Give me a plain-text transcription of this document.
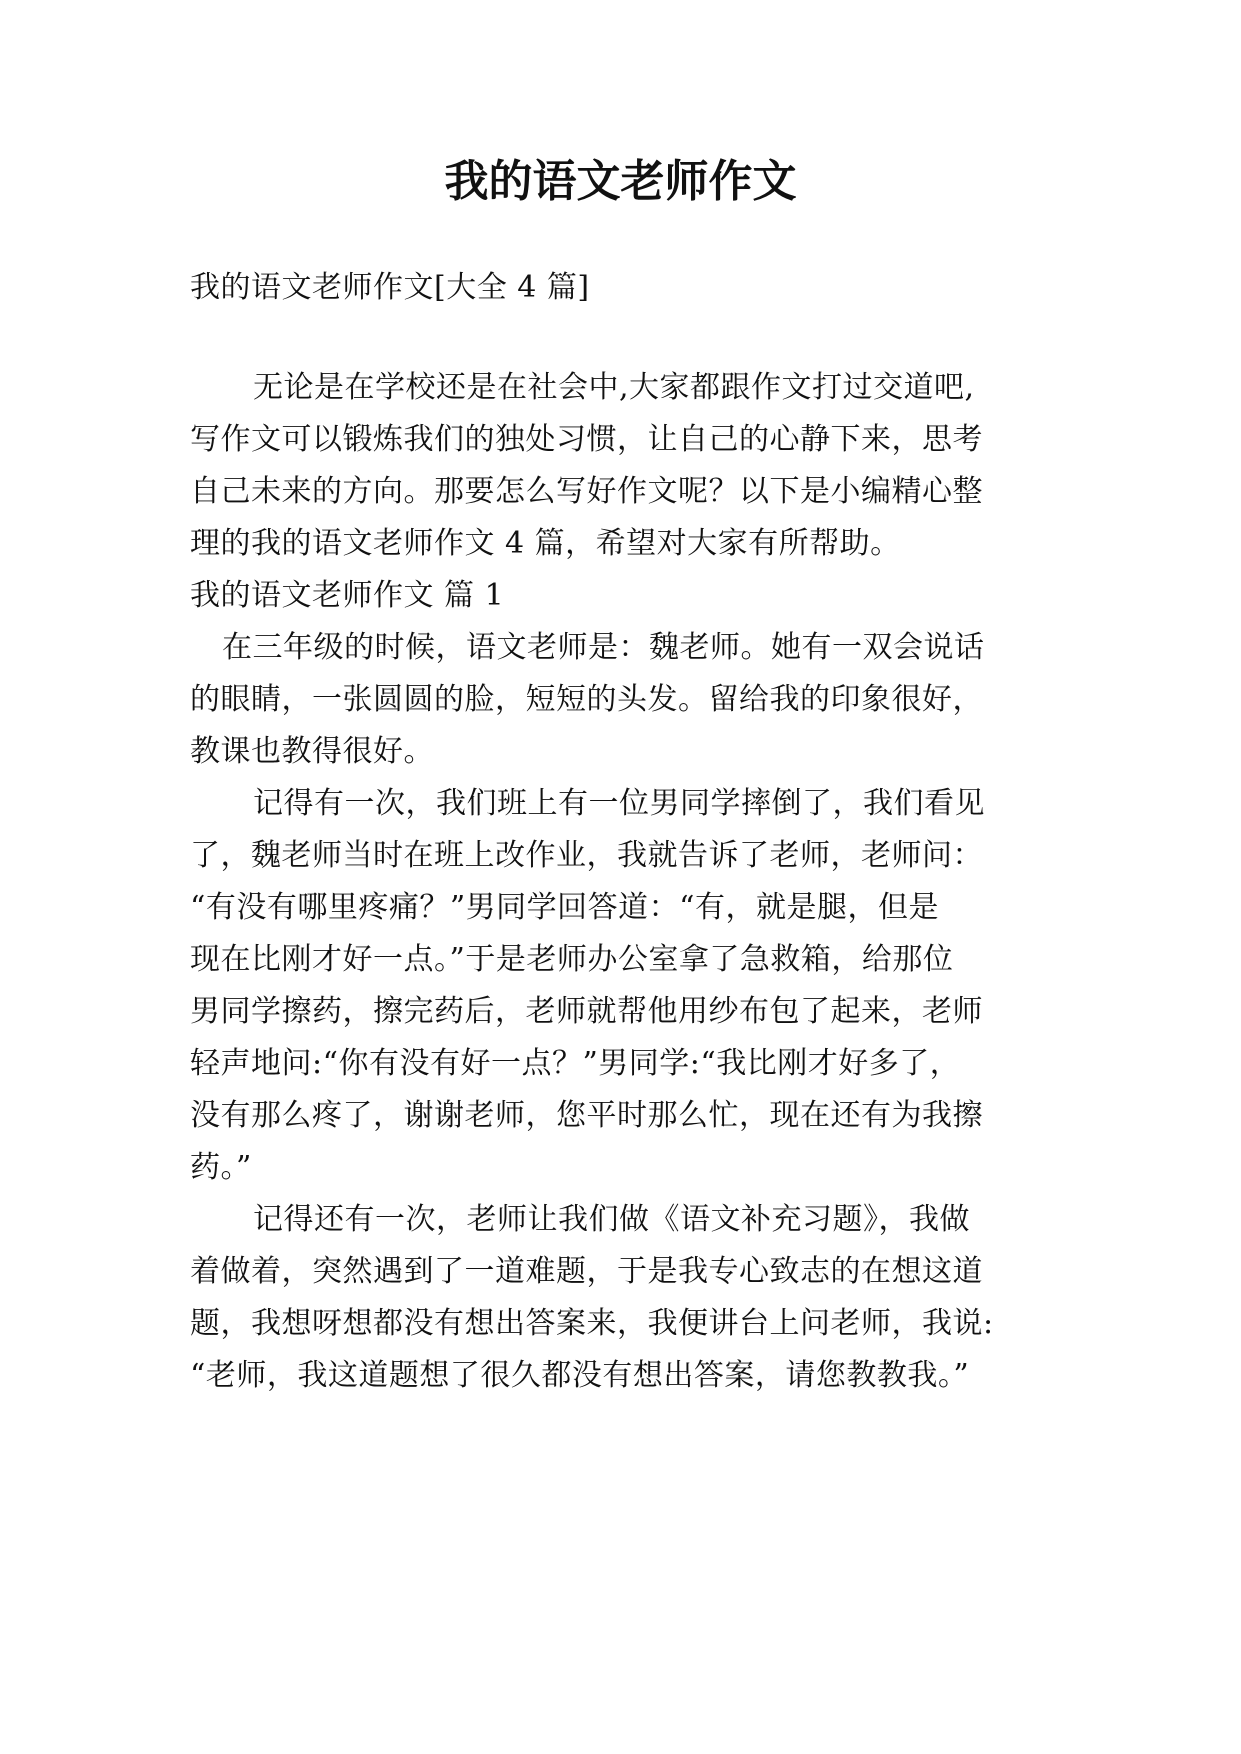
我的语文老师作文
我的语文老师作文[大全 4 篇]
无论是在学校还是在社会中,大家都跟作文打过交道吧,
写作文可以锻炼我们的独处习惯，让自己的心静下来，思考
自己未来的方向。那要怎么写好作文呢？以下是小编精心整
理的我的语文老师作文 4 篇，希望对大家有所帮助。
我的语文老师作文 篇 1
在三年级的时候，语文老师是：魏老师。她有一双会说话
的眼睛，一张圆圆的脸，短短的头发。留给我的印象很好，
教课也教得很好。
记得有一次，我们班上有一位男同学摔倒了，我们看见
了，魏老师当时在班上改作业，我就告诉了老师，老师问：
“有没有哪里疼痛？”男同学回答道：“有，就是腿，但是
现在比刚才好一点。”于是老师办公室拿了急救箱，给那位
男同学擦药，擦完药后，老师就帮他用纱布包了起来，老师
轻声地问:“你有没有好一点？”男同学:“我比刚才好多了，
没有那么疼了，谢谢老师，您平时那么忙，现在还有为我擦
药。”
记得还有一次，老师让我们做《语文补充习题》，我做
着做着，突然遇到了一道难题，于是我专心致志的在想这道
题，我想呀想都没有想出答案来，我便讲台上问老师，我说:
“老师，我这道题想了很久都没有想出答案，请您教教我。”
